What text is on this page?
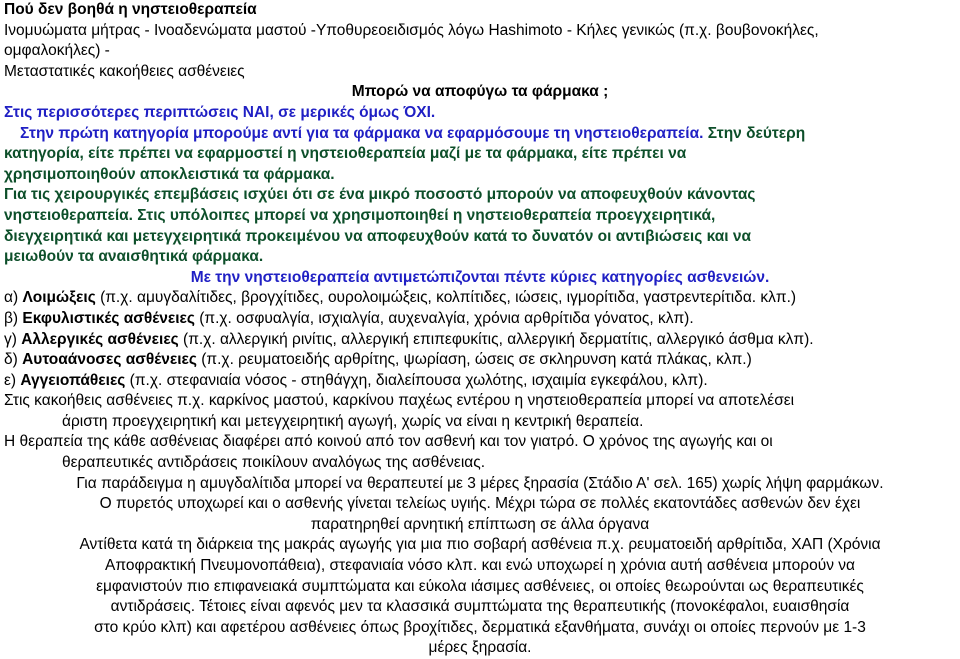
Πού δεν βοηθά η νηστειοθεραπεία
Ινομυώματα μήτρας - Ινοαδενώματα μαστού -Υποθυρεοειδισμός λόγω Hashimoto - Κήλες γενικώς (π.χ. βουβονοκήλες,
ομφαλοκήλες) -
Μεταστατικές κακοήθειες ασθένειες
Μπορώ να αποφύγω τα φάρμακα ;
Στις περισσότερες περιπτώσεις ΝΑΙ, σε μερικές όμως ΌΧΙ.
Στην πρώτη κατηγορία μπορούμε αντί για τα φάρμακα να εφαρμόσουμε τη νηστειοθεραπεία. Στην δεύτερη
κατηγορία, είτε πρέπει να εφαρμοστεί η νηστειοθεραπεία μαζί με τα φάρμακα, είτε πρέπει να
χρησιμοποιηθούν αποκλειστικά τα φάρμακα.
Για τις χειρουργικές επεμβάσεις ισχύει ότι σε ένα μικρό ποσοστό μπορούν να αποφευχθούν κάνοντας
νηστειοθεραπεία. Στις υπόλοιπες μπορεί να χρησιμοποιηθεί η νηστειοθεραπεία προεγχειρητικά,
διεγχειρητικά και μετεγχειρητικά προκειμένου να αποφευχθούν κατά το δυνατόν οι αντιβιώσεις και να
μειωθούν τα αναισθητικά φάρμακα.
Με την νηστειοθεραπεία αντιμετώπιζονται πέντε κύριες κατηγορίες ασθενειών.
α) Λοιμώξεις (π.χ. αμυγδαλίτιδες, βρογχίτιδες, ουρολοιμώξεις, κολπίτιδες, ιώσεις, ιγμορίτιδα, γαστρεντερίτιδα. κλπ.)
β) Εκφυλιστικές ασθένειες (π.χ. οσφυαλγία, ισχιαλγία, αυχεναλγία, χρόνια αρθρίτιδα γόνατος, κλπ).
γ) Αλλεργικές ασθένειες (π.χ. αλλεργική ρινίτις, αλλεργική επιπεφυκίτις, αλλεργική δερματίτις, αλλεργικό άσθμα κλπ).
δ) Αυτοαάνοσες ασθένειες (π.χ. ρευματοειδής αρθρίτης, ψωρίαση, ώσεις σε σκληρυνση κατά πλάκας, κλπ.)
ε) Αγγειοπάθειες (π.χ. στεφανιαία νόσος - στηθάγχη, διαλείπουσα χωλότης, ισχαιμία εγκεφάλου, κλπ).
Στις κακοήθεις ασθένειες π.χ. καρκίνος μαστού, καρκίνου παχέως εντέρου η νηστειοθεραπεία μπορεί να αποτελέσει
άριστη προεγχειρητική και μετεγχειρητική αγωγή, χωρίς να είναι η κεντρική θεραπεία.
Η θεραπεία της κάθε ασθένειας διαφέρει από κοινού από τον ασθενή και τον γιατρό. Ο χρόνος της αγωγής και οι
θεραπευτικές αντιδράσεις ποικίλουν αναλόγως της ασθένειας.
Για παράδειγμα η αμυγδαλίτιδα μπορεί να θεραπευτεί με 3 μέρες ξηρασία (Στάδιο Α' σελ. 165) χωρίς λήψη φαρμάκων.
Ο πυρετός υποχωρεί και ο ασθενής γίνεται τελείως υγιής. Μέχρι τώρα σε πολλές εκατοντάδες ασθενών δεν έχει
παρατηρηθεί αρνητική επίπτωση σε άλλα όργανα
Αντίθετα κατά τη διάρκεια της μακράς αγωγής για μια πιο σοβαρή ασθένεια π.χ. ρευματοειδή αρθρίτιδα, ΧΑΠ (Χρόνια
Αποφρακτική Πνευμονοπάθεια), στεφανιαία νόσο κλπ. και ενώ υποχωρεί η χρόνια αυτή ασθένεια μπορούν να
εμφανιστούν πιο επιφανειακά συμπτώματα και εύκολα ιάσιμες ασθένειες, οι οποίες θεωρούνται ως θεραπευτικές
αντιδράσεις. Τέτοιες είναι αφενός μεν τα κλασσικά συμπτώματα της θεραπευτικής (πονοκέφαλοι, ευαισθησία
στο κρύο κλπ) και αφετέρου ασθένειες όπως βροχίτιδες, δερματικά εξανθήματα, συνάχι οι οποίες περνούν με 1-3
μέρες ξηρασία.
